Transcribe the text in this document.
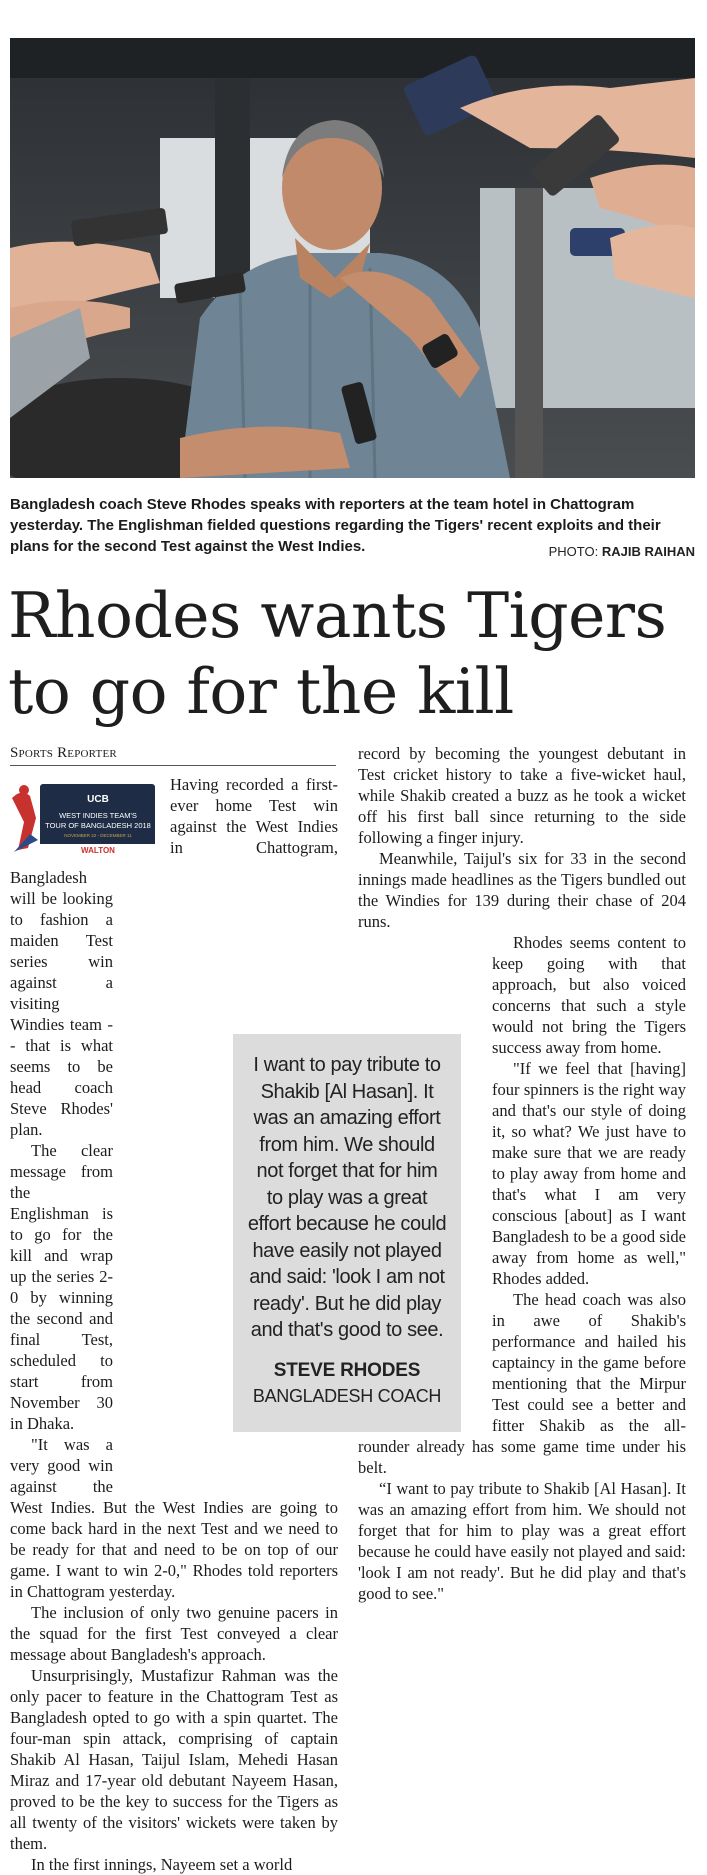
Bangladesh coach Steve Rhodes speaks with reporters at the team hotel in Chattogram yesterday. The Englishman fielded questions regarding the Tigers' recent exploits and their plans for the second Test against the West Indies.	PHOTO: RAJIB RAIHAN
Rhodes wants Tigers to go for the kill
Sports Reporter
I want to pay tribute to Shakib [Al Hasan]. It was an amazing effort from him. We should not forget that for him to play was a great effort because he could have easily not played and said: 'look I am not ready'. But he did play and that's good to see.
STEVE RHODES
BANGLADESH COACH
UCB
WEST INDIES TEAM'S
TOUR OF BANGLADESH 2018
NOVEMBER 22 - DECEMBER 11
WALTON

Having recorded a first-ever home Test win against the West Indies in Chattogram, Bangladesh will be looking to fashion a maiden Test series win against a visiting Windies team -- that is what seems to be head coach Steve Rhodes' plan.

The clear message from the Englishman is to go for the kill and wrap up the series 2-0 by winning the second and final Test, scheduled to start from November 30 in Dhaka.

"It was a very good win against the West Indies. But the West Indies are going to come back hard in the next Test and we need to be ready for that and need to be on top of our game. I want to win 2-0," Rhodes told reporters in Chattogram yesterday.

The inclusion of only two genuine pacers in the squad for the first Test conveyed a clear message about Bangladesh's approach.

Unsurprisingly, Mustafizur Rahman was the only pacer to feature in the Chattogram Test as Bangladesh opted to go with a spin quartet. The four-man spin attack, comprising of captain Shakib Al Hasan, Taijul Islam, Mehedi Hasan Miraz and 17-year old debutant Nayeem Hasan, proved to be the key to success for the Tigers as all twenty of the visitors' wickets were taken by them.

In the first innings, Nayeem set a world

record by becoming the youngest debutant in Test cricket history to take a five-wicket haul, while Shakib created a buzz as he took a wicket off his first ball since returning to the side following a finger injury.

Meanwhile, Taijul's six for 33 in the second innings made headlines as the Tigers bundled out the Windies for 139 during their chase of 204 runs.

Rhodes seems content to keep going with that approach, but also voiced concerns that such a style would not bring the Tigers success away from home.

"If we feel that [having] four spinners is the right way and that's our style of doing it, so what? We just have to make sure that we are ready to play away from home and that's what I am very conscious [about] as I want Bangladesh to be a good side away from home as well," Rhodes added.

The head coach was also in awe of Shakib's performance and hailed his captaincy in the game before mentioning that the Mirpur Test could see a better and fitter Shakib as the all-rounder already has some game time under his belt.

“I want to pay tribute to Shakib [Al Hasan]. It was an amazing effort from him. We should not forget that for him to play was a great effort because he could have easily not played and said: 'look I am not ready'. But he did play and that's good to see."
